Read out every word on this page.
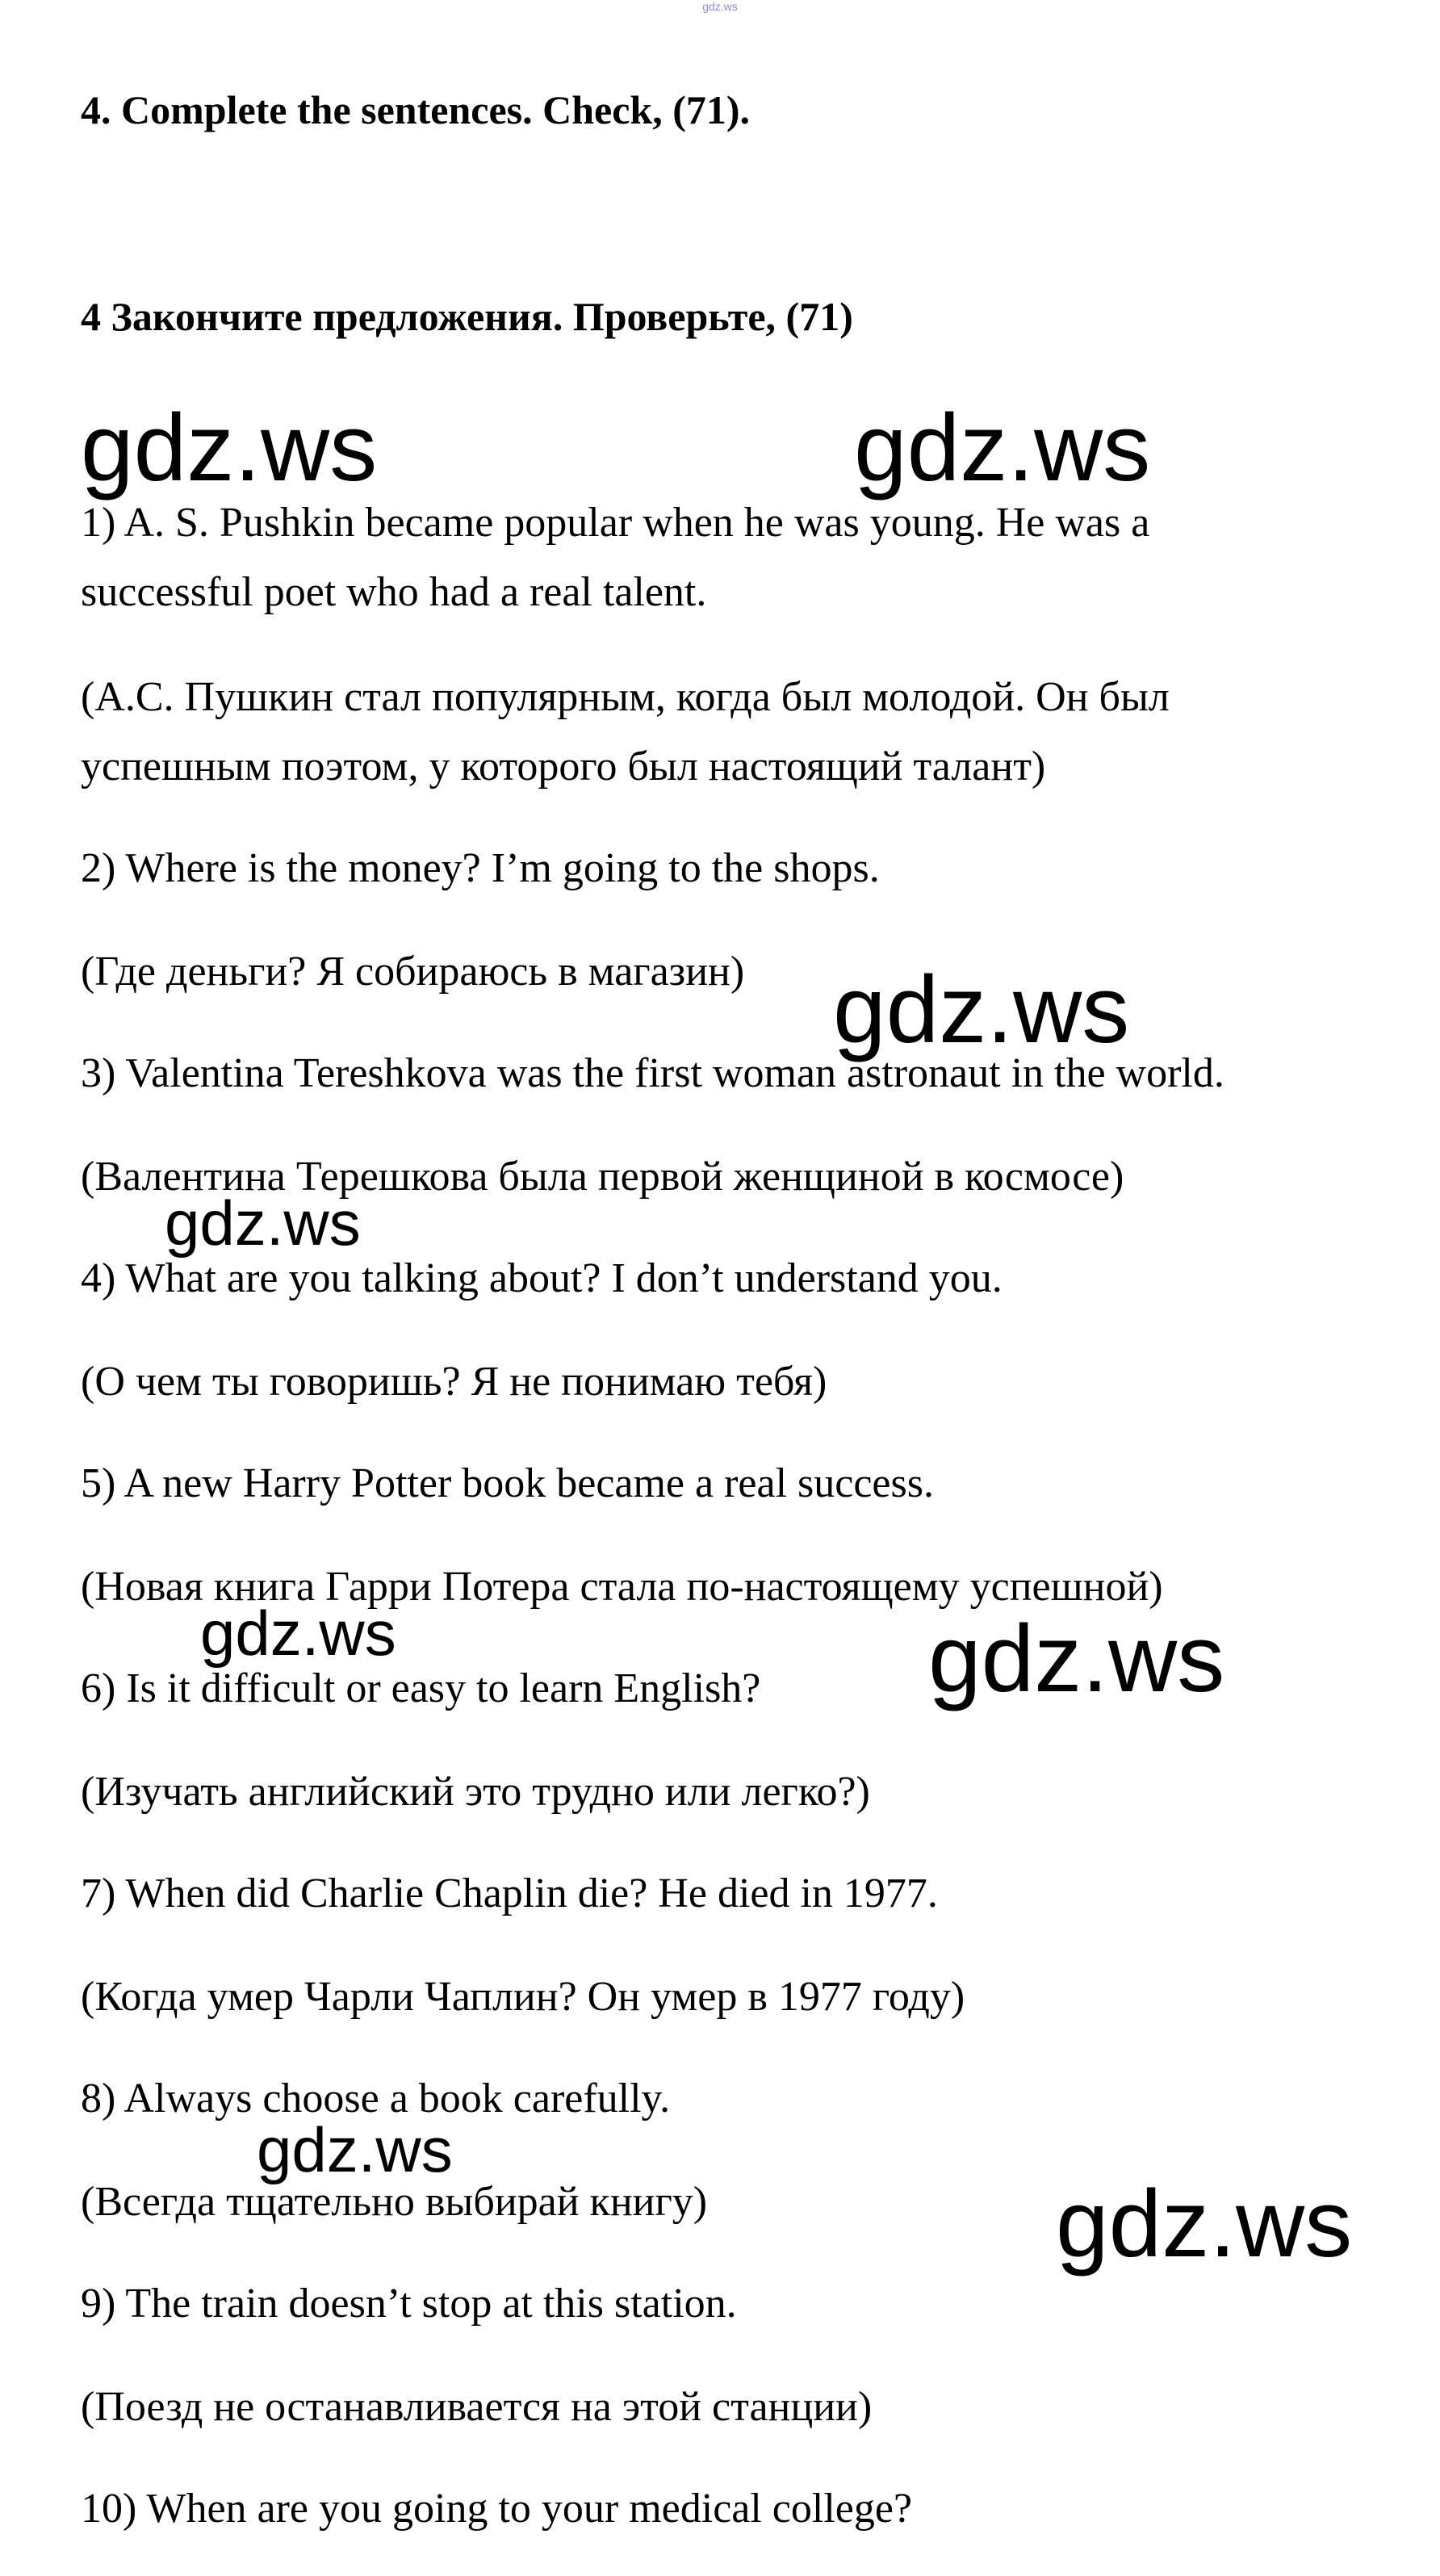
gdz.ws
4. Complete the sentences. Check, (71).
4 Закончите предложения. Проверьте, (71)
1) A. S. Pushkin became popular when he was young. He was a
successful poet who had a real talent.
(А.С. Пушкин стал популярным, когда был молодой. Он был
успешным поэтом, у которого был настоящий талант)
2) Where is the money? I’m going to the shops.
(Где деньги? Я собираюсь в магазин)
3) Valentina Tereshkova was the first woman astronaut in the world.
(Валентина Терешкова была первой женщиной в космосе)
4) What are you talking about? I don’t understand you.
(О чем ты говоришь? Я не понимаю тебя)
5) A new Harry Potter book became a real success.
(Новая книга Гарри Потера стала по-настоящему успешной)
6) Is it difficult or easy to learn English?
(Изучать английский это трудно или легко?)
7) When did Charlie Chaplin die? He died in 1977.
(Когда умер Чарли Чаплин? Он умер в 1977 году)
8) Always choose a book carefully.
(Всегда тщательно выбирай книгу)
9) The train doesn’t stop at this station.
(Поезд не останавливается на этой станции)
10) When are you going to your medical college?
gdz.ws	gdz.ws
gdz.ws
gdz.ws
gdz.ws	gdz.ws
gdz.ws
gdz.ws
